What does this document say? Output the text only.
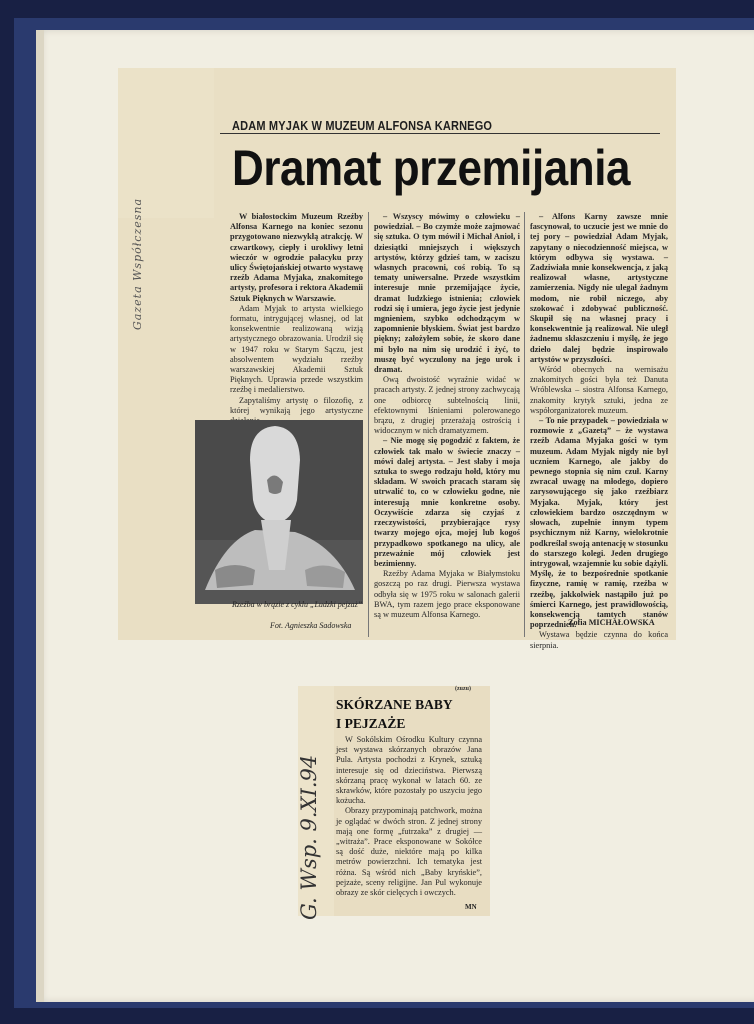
Gazeta Współczesna
ADAM MYJAK W MUZEUM ALFONSA KARNEGO
Dramat przemijania

W białostockim Muzeum Rzeźby Alfonsa Karnego na koniec sezonu przygotowano niezwykłą atrakcję. W czwartkowy, ciepły i urokliwy letni wieczór w ogrodzie pałacyku przy ulicy Świętojańskiej otwarto wystawę rzeźb Adama Myjaka, znakomitego artysty, profesora i rektora Akademii Sztuk Pięknych w Warszawie.

Adam Myjak to artysta wielkiego formatu, intrygującej własnej, od lat konsekwentnie realizowaną wizją artystycznego obrazowania. Urodził się w 1947 roku w Starym Sączu, jest absolwentem wydziału rzeźby warszawskiej Akademii Sztuk Pięknych. Uprawia przede wszystkim rzeźbę i medalierstwo.

Zapytaliśmy artystę o filozofię, z której wynikają jego artystyczne

– Wszyscy mówimy o człowieku – powiedział. – Bo czymże może zajmować się sztuka. O tym mówił i Michał Anioł, i dziesiątki mniejszych i większych artystów, którzy gdzieś tam, w zaciszu własnych pracowni, coś robią. To są tematy uniwersalne. Przede wszystkim interesuje mnie przemijające życie, dramat ludzkiego istnienia; człowiek rodzi się i umiera, jego życie jest jedynie mgnieniem, szybko odchodzącym w zapomnienie błyskiem. Świat jest bardzo piękny; założyłem sobie, że skoro dane mi było na nim się urodzić i żyć, to muszę być wyczulony na jego urok i dramat.

Ową dwoistość wyraźnie widać w pracach artysty. Z jednej strony zachwycają one odbiorcę subtelnością linii, efektownymi lśnieniami polerowanego brązu, z drugiej przerażają ostrością i widocznym w nich dramatyzmem.

– Nie mogę się pogodzić z faktem, że człowiek tak mało w świecie znaczy – mówi dalej artysta. – Jest słaby i moja sztuka to swego rodzaju hołd, który mu składam. W swoich pracach staram się utrwalić to, co w człowieku godne, nie interesują mnie konkretne osoby. Oczywiście zdarza się czyjaś z rzeczywistości, przybierające rysy twarzy mojego ojca, mojej lub kogoś przypadkowo spotkanego na ulicy, ale przeważnie mój człowiek jest bezimienny.

Rzeźby Adama Myjaka w Białymstoku goszczą po raz drugi. Pierwsza wystawa odbyła się w 1975 roku w salonach galerii BWA, tym razem jego prace eksponowane są w muzeum Alfonsa Karnego.

– Alfons Karny zawsze mnie fascynował, to uczucie jest we mnie do tej pory – powiedział Adam Myjak, zapytany o niecodzienność miejsca, w którym odbywa się wystawa. – Zadziwiała mnie konsekwencja, z jaką realizował własne, artystyczne zamierzenia. Nigdy nie ulegał żadnym modom, nie robił niczego, aby szokować i zdobywać publiczność. Skupił się na własnej pracy i konsekwentnie ją realizował. Nie uległ żadnemu skłaszczeniu i myślę, że jego dzieło dalej będzie inspirowało artystów w przyszłości.

Wśród obecnych na wernisażu znakomitych gości była też Danuta Wróblewska – siostra Alfonsa Karnego, znakomity krytyk sztuki, jedna ze współorganizatorek muzeum.

– To nie przypadek – powiedziała w rozmowie z „Gazetą” – że wystawa rzeźb Adama Myjaka gości w tym muzeum. Adam Myjak nigdy nie był uczniem Karnego, ale jakby do pewnego stopnia się nim czuł. Karny zwracał uwagę na młodego, dopiero zarysowującego się jako rzeźbiarz Myjaka. Myjak, który jest człowiekiem bardzo oszczędnym w słowach, zupełnie innym typem psychicznym niż Karny, wielokrotnie podkreślał swoją antenację w stosunku do starszego kolegi. Jeden drugiego intrygował, wzajemnie ku sobie dążyli. Myślę, że to bezpośrednie spotkanie fizyczne, ramię w ramię, rzeźba w rzeźbę, jakkolwiek nastąpiło już po śmierci Karnego, jest prawidłowością, konsekwencją tamtych stanów poprzednich.

Wystawa będzie czynna do końca sierpnia.

Rzeźba w brązie z cyklu „Ludzki pejzaż”
Fot. Agnieszka Sadowska	Zofia MICHAŁOWSKA
(zuzu)
SKÓRZANE BABY
I PEJZAŻE

W Sokólskim Ośrodku Kultury czynna jest wystawa skórzanych obrazów Jana Pula. Artysta pochodzi z Krynek, sztuką interesuje się od dzieciństwa. Pierwszą skórzaną pracę wykonał w latach 60. ze skrawków, które pozostały po uszyciu jego kożucha.

Obrazy przypominają patchwork, można je oglądać w dwóch stron. Z jednej strony mają one formę „futrzaka” z drugiej — „witraża”. Prace eksponowane w Sokółce są dość duże, niektóre mają po kilka metrów powierzchni. Ich tematyka jest różna. Są wśród nich „Baby kryńskie”, pejzaże, sceny religijne. Jan Pul wykonuje obrazy ze skór cielęcych i owczych.

MN
G. Wsp. 9.XI.94
